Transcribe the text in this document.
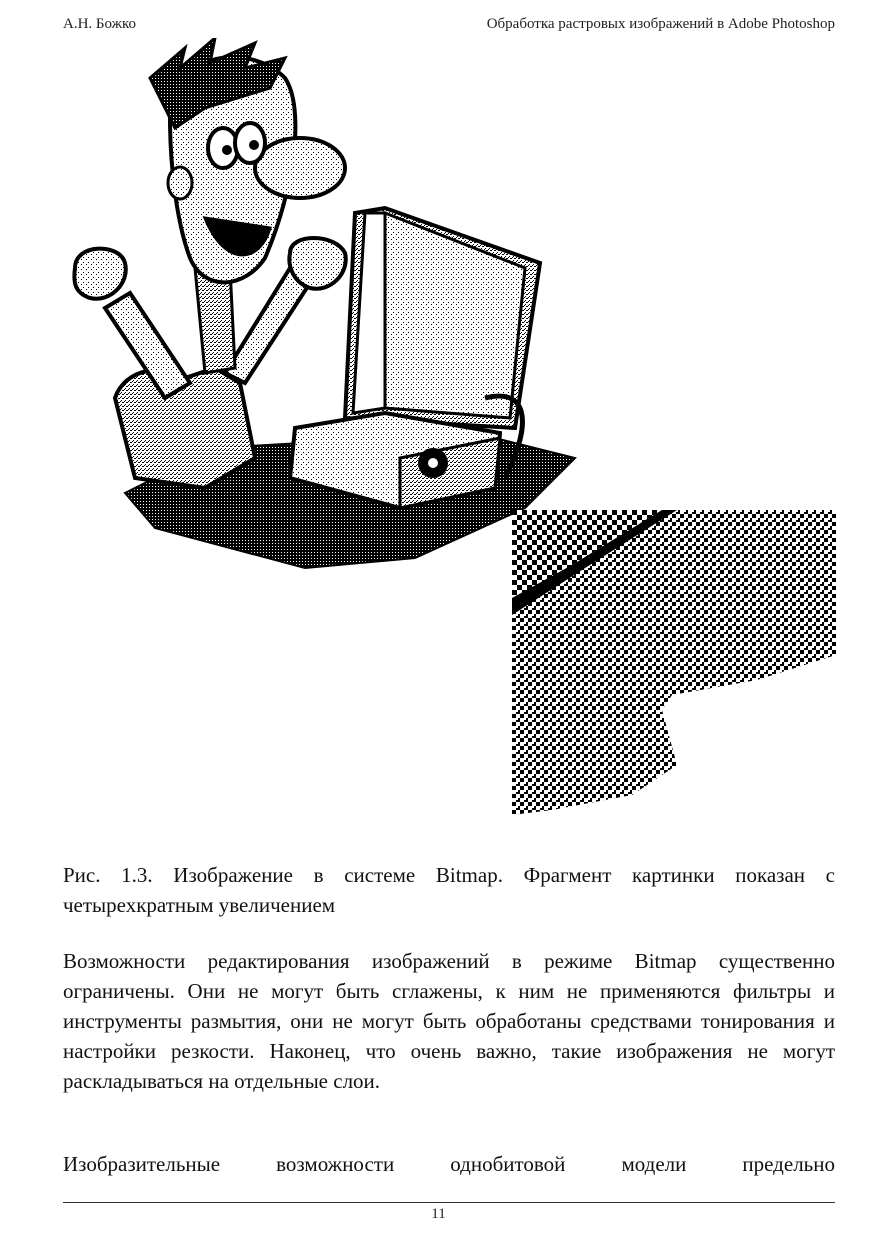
А.Н. Божко	Обработка растровых изображений в Adobe Photoshop

Рис. 1.3. Изображение в системе Bitmap. Фрагмент картинки показан с четырехкратным увеличением

Возможности редактирования изображений в режиме Bitmap существенно ограничены. Они не могут быть сглажены, к ним не применяются фильтры и инструменты размытия, они не могут быть обработаны средствами тонирования и настройки резкости. Наконец, что очень важно, такие изображения не могут раскладываться на отдельные слои.

Изобразительные возможности однобитовой модели предельно

11
